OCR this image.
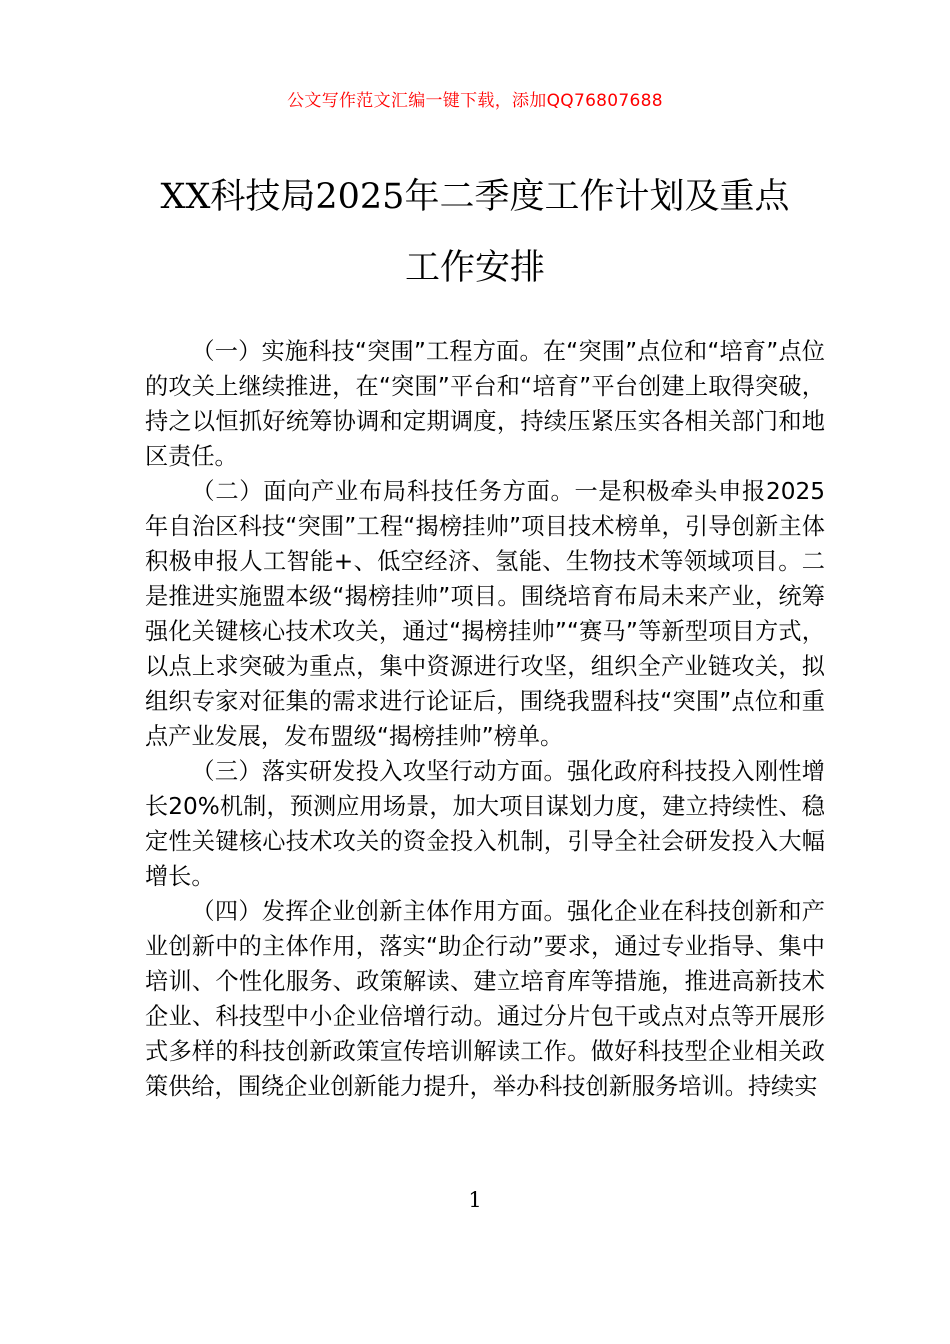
公文写作范文汇编一键下载，添加QQ76807688
XX科技局2025年二季度工作计划及重点
工作安排

（一）实施科技“突围”工程方面。在“突围”点位和“培育”点位的攻关上继续推进，在“突围”平台和“培育”平台创建上取得突破，持之以恒抓好统筹协调和定期调度，持续压紧压实各相关部门和地区责任。

（二）面向产业布局科技任务方面。一是积极牵头申报2025年自治区科技“突围”工程“揭榜挂帅”项目技术榜单，引导创新主体积极申报人工智能+、低空经济、氢能、生物技术等领域项目。二是推进实施盟本级“揭榜挂帅”项目。围绕培育布局未来产业，统筹强化关键核心技术攻关，通过“揭榜挂帅”“赛马”等新型项目方式，以点上求突破为重点，集中资源进行攻坚，组织全产业链攻关，拟组织专家对征集的需求进行论证后，围绕我盟科技“突围”点位和重点产业发展，发布盟级“揭榜挂帅”榜单。

（三）落实研发投入攻坚行动方面。强化政府科技投入刚性增长20%机制，预测应用场景，加大项目谋划力度，建立持续性、稳定性关键核心技术攻关的资金投入机制，引导全社会研发投入大幅增长。

（四）发挥企业创新主体作用方面。强化企业在科技创新和产业创新中的主体作用，落实“助企行动”要求，通过专业指导、集中培训、个性化服务、政策解读、建立培育库等措施，推进高新技术企业、科技型中小企业倍增行动。通过分片包干或点对点等开展形式多样的科技创新政策宣传培训解读工作。做好科技型企业相关政策供给，围绕企业创新能力提升，举办科技创新服务培训。持续实

1
